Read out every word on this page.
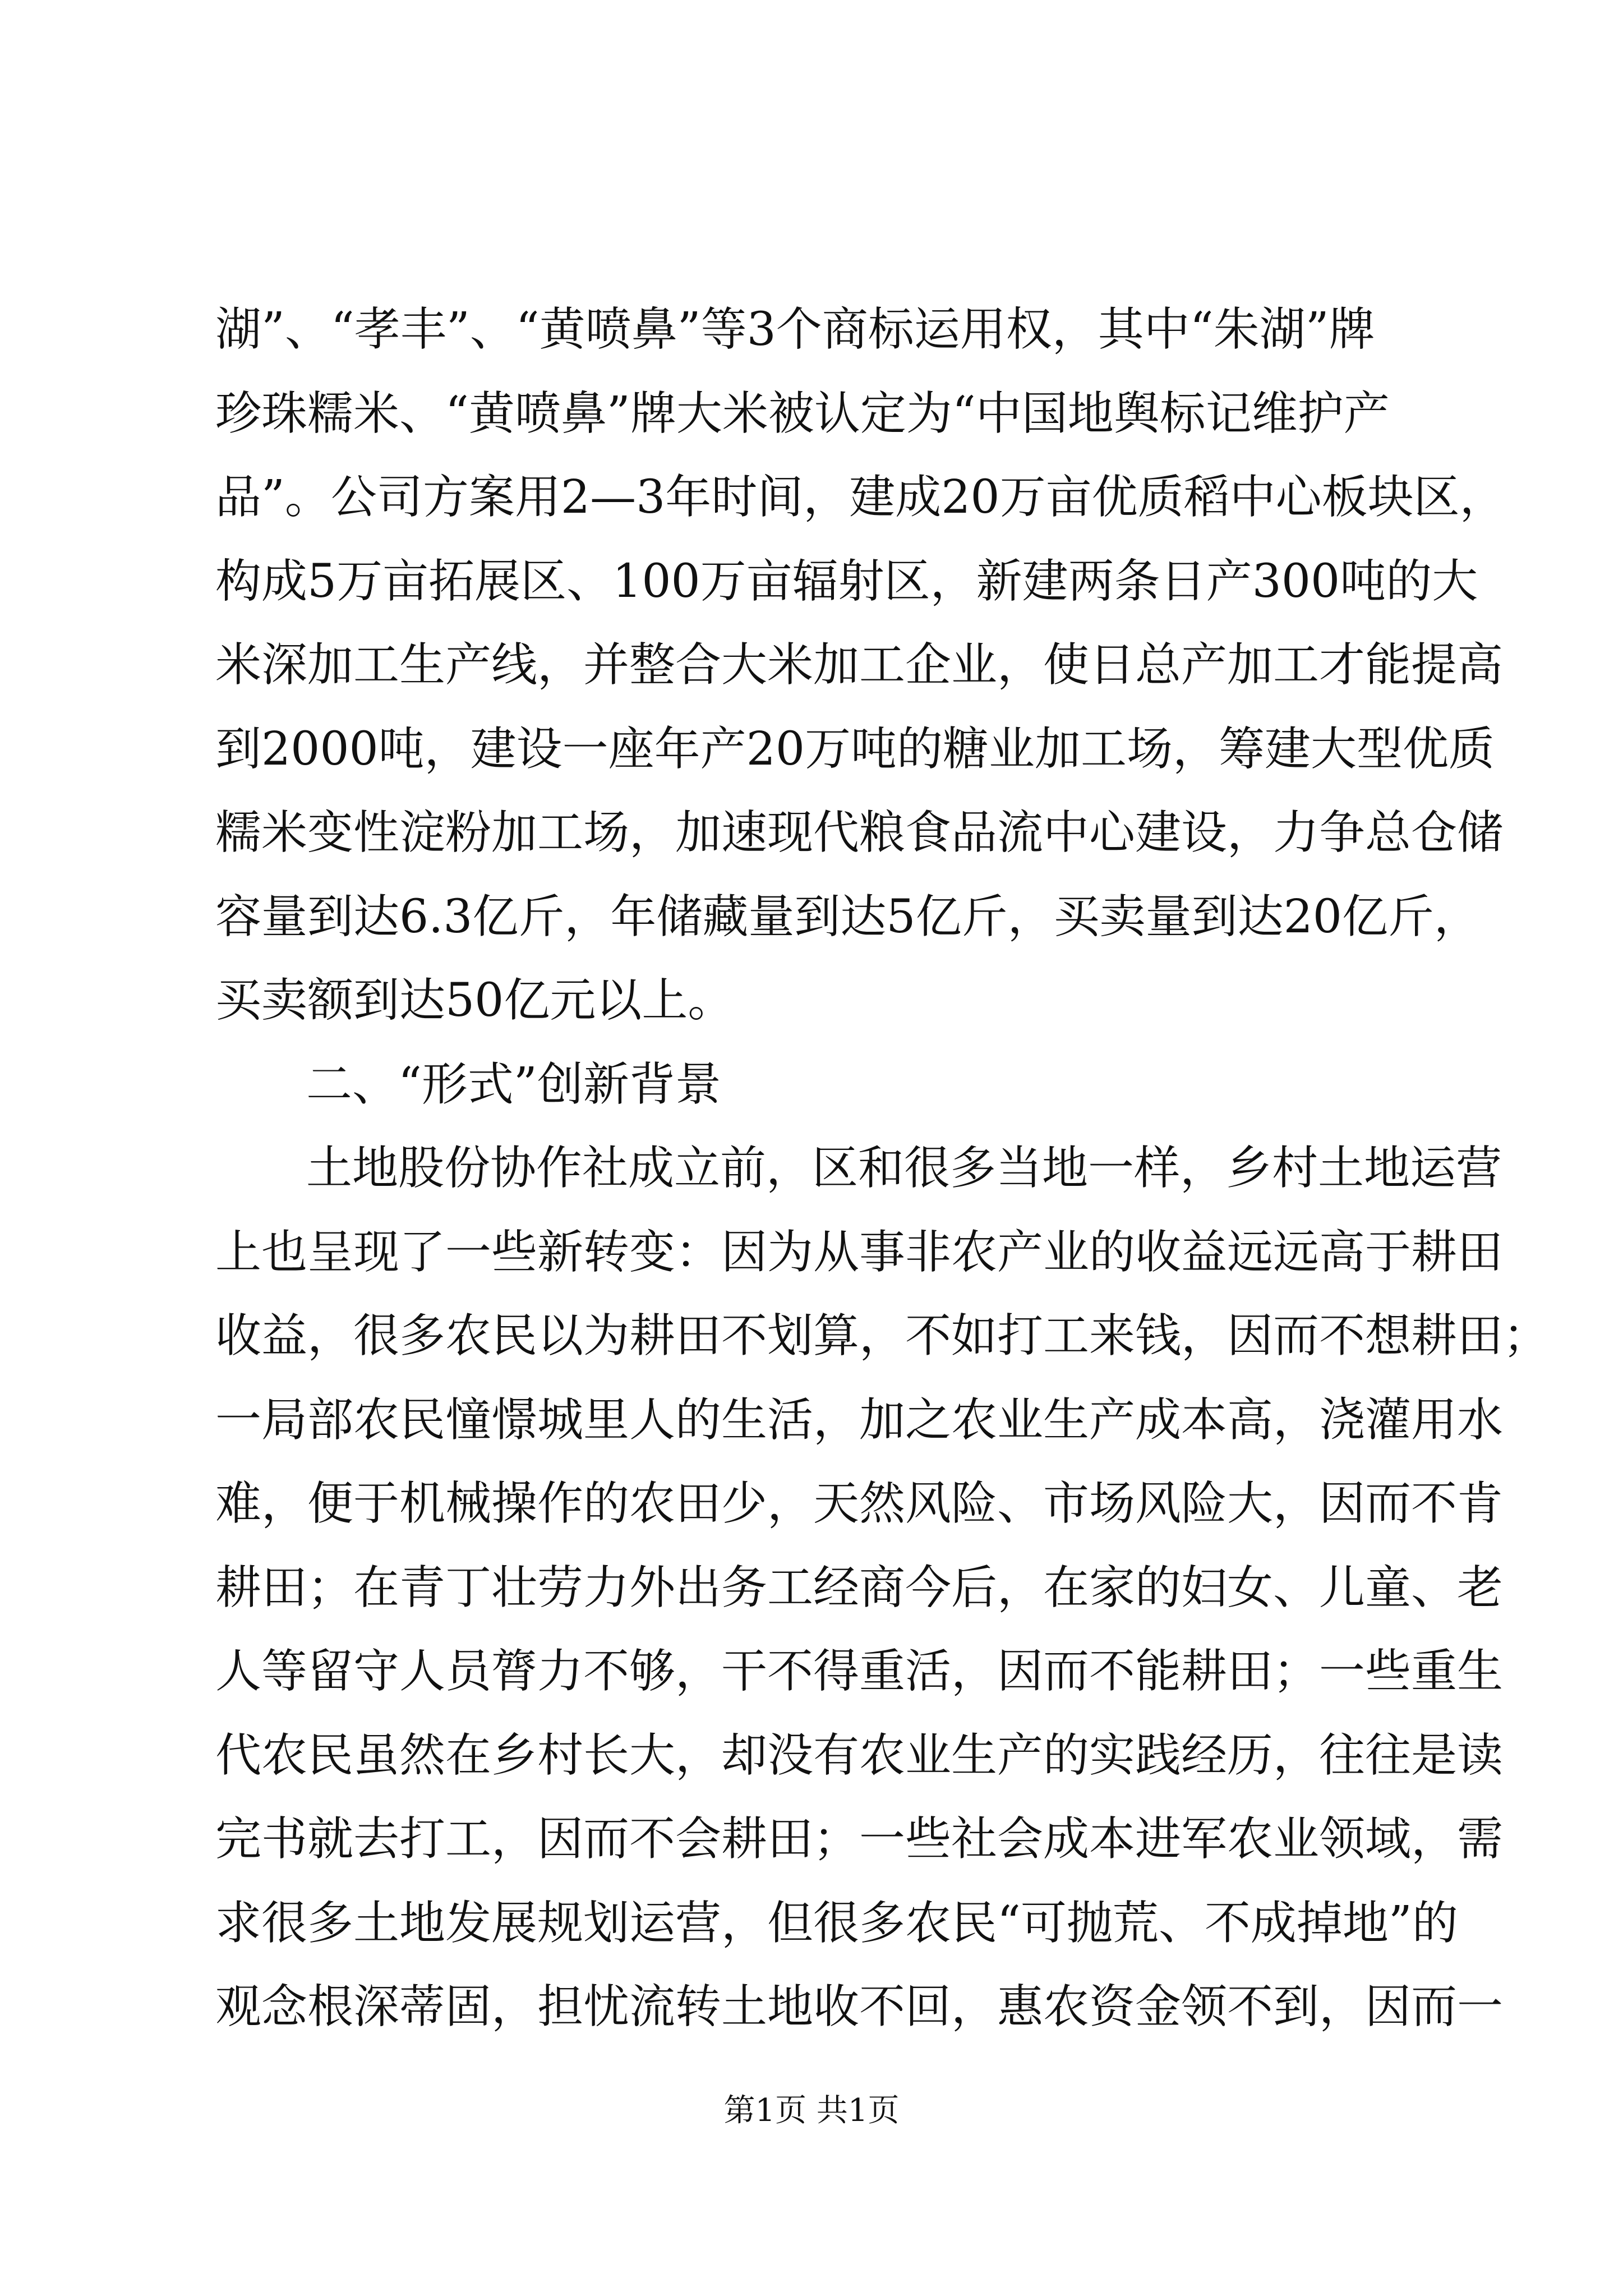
湖”、“孝丰”、“黄喷鼻”等3个商标运用权，其中“朱湖”牌
珍珠糯米、“黄喷鼻”牌大米被认定为“中国地舆标记维护产
品”。公司方案用2—3年时间，建成20万亩优质稻中心板块区，
构成5万亩拓展区、100万亩辐射区，新建两条日产300吨的大
米深加工生产线，并整合大米加工企业，使日总产加工才能提高
到2000吨，建设一座年产20万吨的糖业加工场，筹建大型优质
糯米变性淀粉加工场，加速现代粮食品流中心建设，力争总仓储
容量到达6.3亿斤，年储藏量到达5亿斤，买卖量到达20亿斤，
买卖额到达50亿元以上。
二、“形式”创新背景
土地股份协作社成立前，区和很多当地一样，乡村土地运营
上也呈现了一些新转变：因为从事非农产业的收益远远高于耕田
收益，很多农民以为耕田不划算，不如打工来钱，因而不想耕田；
一局部农民憧憬城里人的生活，加之农业生产成本高，浇灌用水
难，便于机械操作的农田少，天然风险、市场风险大，因而不肯
耕田；在青丁壮劳力外出务工经商今后，在家的妇女、儿童、老
人等留守人员膂力不够，干不得重活，因而不能耕田；一些重生
代农民虽然在乡村长大，却没有农业生产的实践经历，往往是读
完书就去打工，因而不会耕田；一些社会成本进军农业领域，需
求很多土地发展规划运营，但很多农民“可抛荒、不成掉地”的
观念根深蒂固，担忧流转土地收不回，惠农资金领不到，因而一
第1页 共1页
